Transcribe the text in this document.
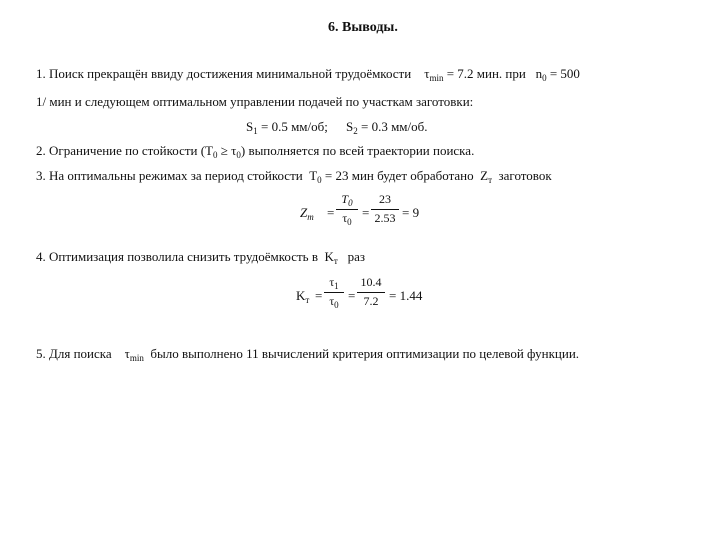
6. Выводы.
1. Поиск прекращён ввиду достижения минимальной трудоёмкости $\tau_{min} = 7.2$ мин. при $n_0 = 500$
1/ мин и следующем оптимальном управлении подачей по участкам заготовки:
$S_1 = 0.5$ мм/об; $S_2 = 0.3$ мм/об.
2. Ограничение по стойкости $(T_0 \ge \tau_0)$ выполняется по всей траектории поиска.
3. На оптимальны режимах за период стойкости $T_0 = 23$ мин будет обработано $Z_т$ заготовок
$Z_т$ =
$T_0$
$\tau_0$
=
23
2.53 = 9
4. Оптимизация позволила снизить трудоёмкость в $K_т$ раз
$K_т$ =
$\tau_1$
$\tau_0$
=
10.4
7.2 = 1.44
5. Для поиска $\tau_{min}$ было выполнено 11 вычислений критерия оптимизации по целевой функции.
